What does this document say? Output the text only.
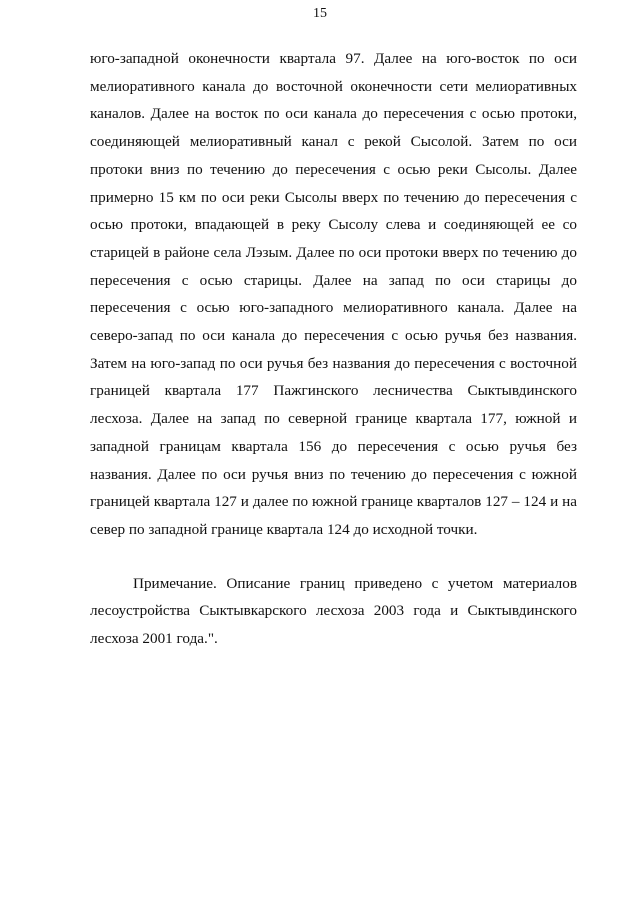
15

юго-западной оконечности квартала 97. Далее на юго-восток по оси мелиоративного канала до восточной оконечности сети мелиоративных каналов. Далее на восток по оси канала до пересечения с осью протоки, соединяющей мелиоративный канал с рекой Сысолой. Затем по оси протоки вниз по течению до пересечения с осью реки Сысолы. Далее примерно 15 км по оси реки Сысолы вверх по течению до пересечения с осью протоки, впадающей в реку Сысолу слева и соединяющей ее со старицей в районе села Лэзым. Далее по оси протоки вверх по течению до пересечения с осью старицы. Далее на запад по оси старицы до пересечения с осью юго-западного мелиоративного канала. Далее на северо-запад по оси канала до пересечения с осью ручья без названия. Затем на юго-запад по оси ручья без названия до пересечения с восточной границей квартала 177 Пажгинского лесничества Сыктывдинского лесхоза. Далее на запад по северной границе квартала 177, южной и западной границам квартала 156 до пересечения с осью ручья без названия. Далее по оси ручья вниз по течению до пересечения с южной границей квартала 127 и далее по южной границе кварталов 127 – 124 и на север по западной границе квартала 124 до исходной точки.

Примечание. Описание границ приведено с учетом материалов лесоустройства Сыктывкарского лесхоза 2003 года и Сыктывдинского лесхоза 2001 года.".
